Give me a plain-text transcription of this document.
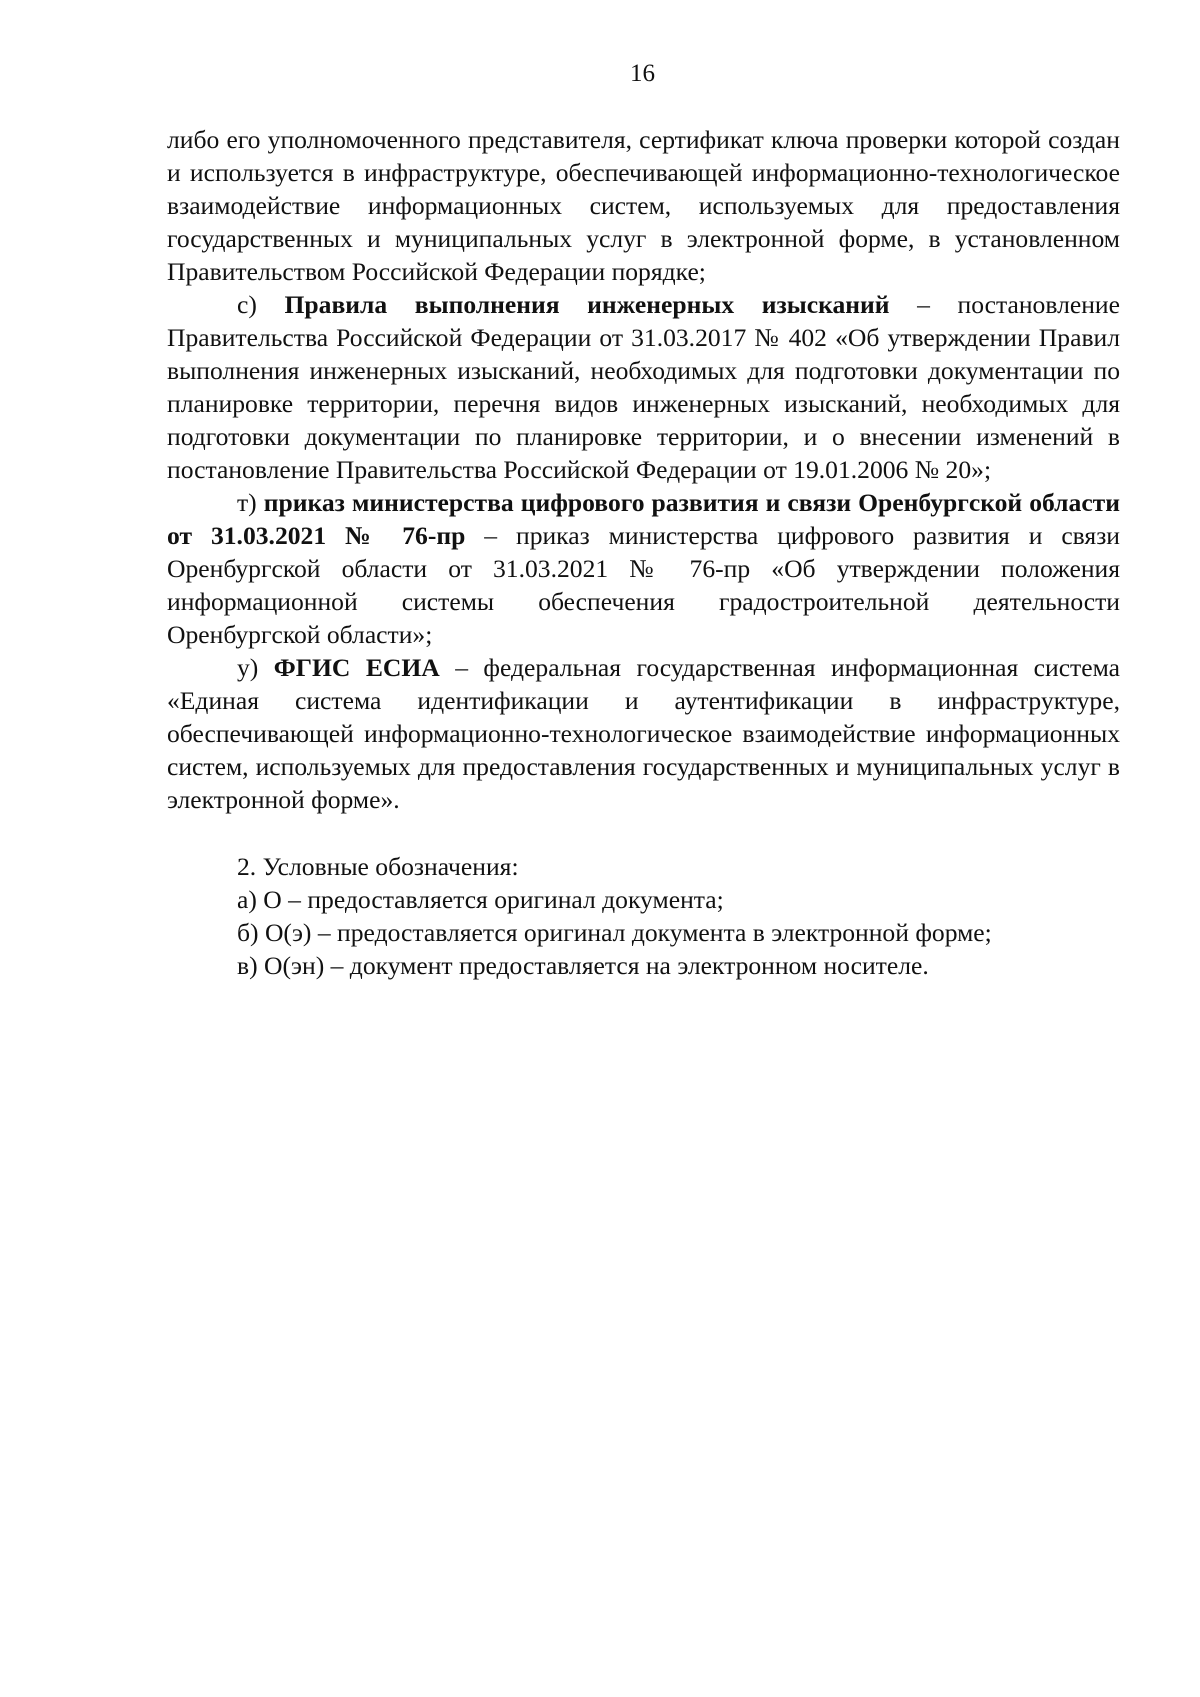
16

либо его уполномоченного представителя, сертификат ключа проверки которой создан и используется в инфраструктуре, обеспечивающей информационно-технологическое взаимодействие информационных систем, используемых для предоставления государственных и муниципальных услуг в электронной форме, в установленном Правительством Российской Федерации порядке;

с) Правила выполнения инженерных изысканий – постановление Правительства Российской Федерации от 31.03.2017 № 402 «Об утверждении Правил выполнения инженерных изысканий, необходимых для подготовки документации по планировке территории, перечня видов инженерных изысканий, необходимых для подготовки документации по планировке территории, и о внесении изменений в постановление Правительства Российской Федерации от 19.01.2006 № 20»;

т) приказ министерства цифрового развития и связи Оренбургской области от 31.03.2021 № 76-пр – приказ министерства цифрового развития и связи Оренбургской области от 31.03.2021 № 76-пр «Об утверждении положения информационной системы обеспечения градостроительной деятельности Оренбургской области»;

у) ФГИС ЕСИА – федеральная государственная информационная система «Единая система идентификации и аутентификации в инфраструктуре, обеспечивающей информационно-технологическое взаимодействие информационных систем, используемых для предоставления государственных и муниципальных услуг в электронной форме».

2. Условные обозначения:

а) О – предоставляется оригинал документа;

б) О(э) – предоставляется оригинал документа в электронной форме;

в) О(эн) – документ предоставляется на электронном носителе.
